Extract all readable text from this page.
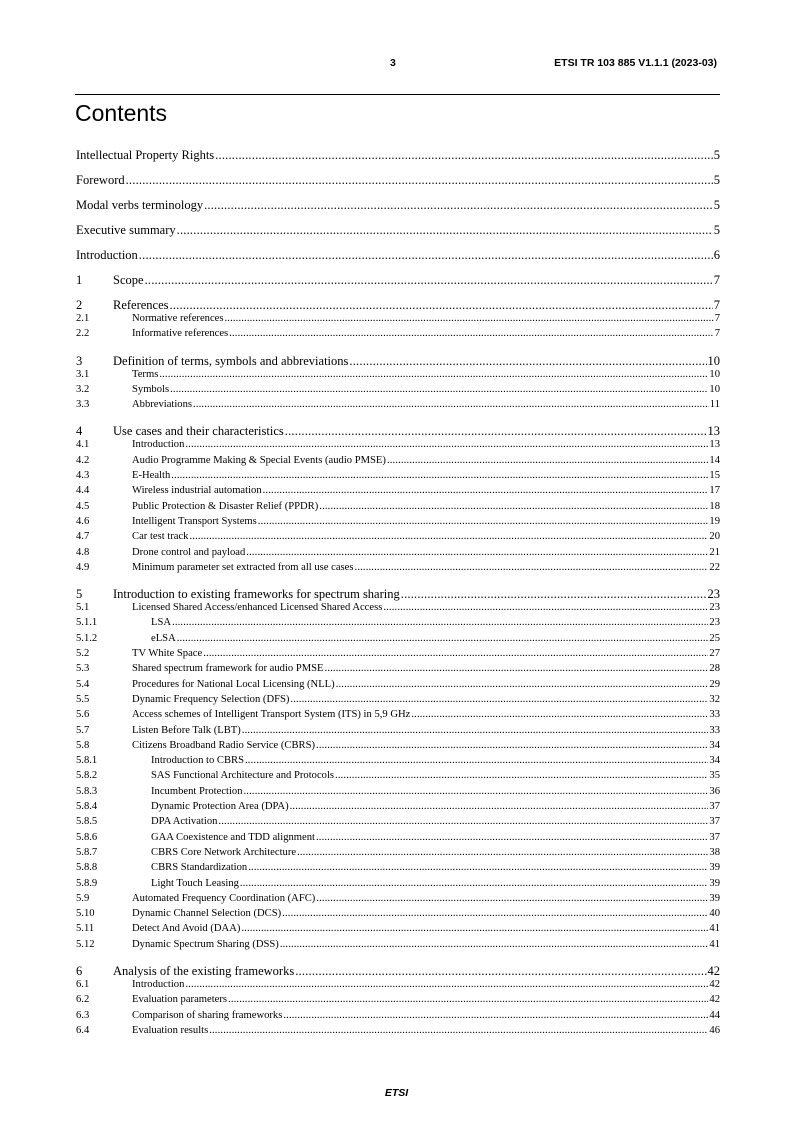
3	ETSI TR 103 885 V1.1.1 (2023-03)
Contents
Intellectual Property Rights .....	5
Foreword .....	5
Modal verbs terminology .....	5
Executive summary .....	5
Introduction .....	6
1	Scope .....	7
2	References .....	7
2.1	Normative references .....	7
2.2	Informative references .....	7
3	Definition of terms, symbols and abbreviations .....	10
3.1	Terms .....	10
3.2	Symbols .....	10
3.3	Abbreviations .....	11
4	Use cases and their characteristics .....	13
4.1	Introduction .....	13
4.2	Audio Programme Making & Special Events (audio PMSE) .....	14
4.3	E-Health .....	15
4.4	Wireless industrial automation .....	17
4.5	Public Protection & Disaster Relief (PPDR) .....	18
4.6	Intelligent Transport Systems .....	19
4.7	Car test track .....	20
4.8	Drone control and payload .....	21
4.9	Minimum parameter set extracted from all use cases .....	22
5	Introduction to existing frameworks for spectrum sharing .....	23
5.1	Licensed Shared Access/enhanced Licensed Shared Access .....	23
5.1.1	LSA .....	23
5.1.2	eLSA .....	25
5.2	TV White Space .....	27
5.3	Shared spectrum framework for audio PMSE .....	28
5.4	Procedures for National Local Licensing (NLL) .....	29
5.5	Dynamic Frequency Selection (DFS) .....	32
5.6	Access schemes of Intelligent Transport System (ITS) in 5,9 GHz .....	33
5.7	Listen Before Talk (LBT) .....	33
5.8	Citizens Broadband Radio Service (CBRS) .....	34
5.8.1	Introduction to CBRS .....	34
5.8.2	SAS Functional Architecture and Protocols .....	35
5.8.3	Incumbent Protection .....	36
5.8.4	Dynamic Protection Area (DPA) .....	37
5.8.5	DPA Activation .....	37
5.8.6	GAA Coexistence and TDD alignment .....	37
5.8.7	CBRS Core Network Architecture .....	38
5.8.8	CBRS Standardization .....	39
5.8.9	Light Touch Leasing .....	39
5.9	Automated Frequency Coordination (AFC) .....	39
5.10	Dynamic Channel Selection (DCS) .....	40
5.11	Detect And Avoid (DAA) .....	41
5.12	Dynamic Spectrum Sharing (DSS) .....	41
6	Analysis of the existing frameworks .....	42
6.1	Introduction .....	42
6.2	Evaluation parameters .....	42
6.3	Comparison of sharing frameworks .....	44
6.4	Evaluation results .....	46
ETSI
